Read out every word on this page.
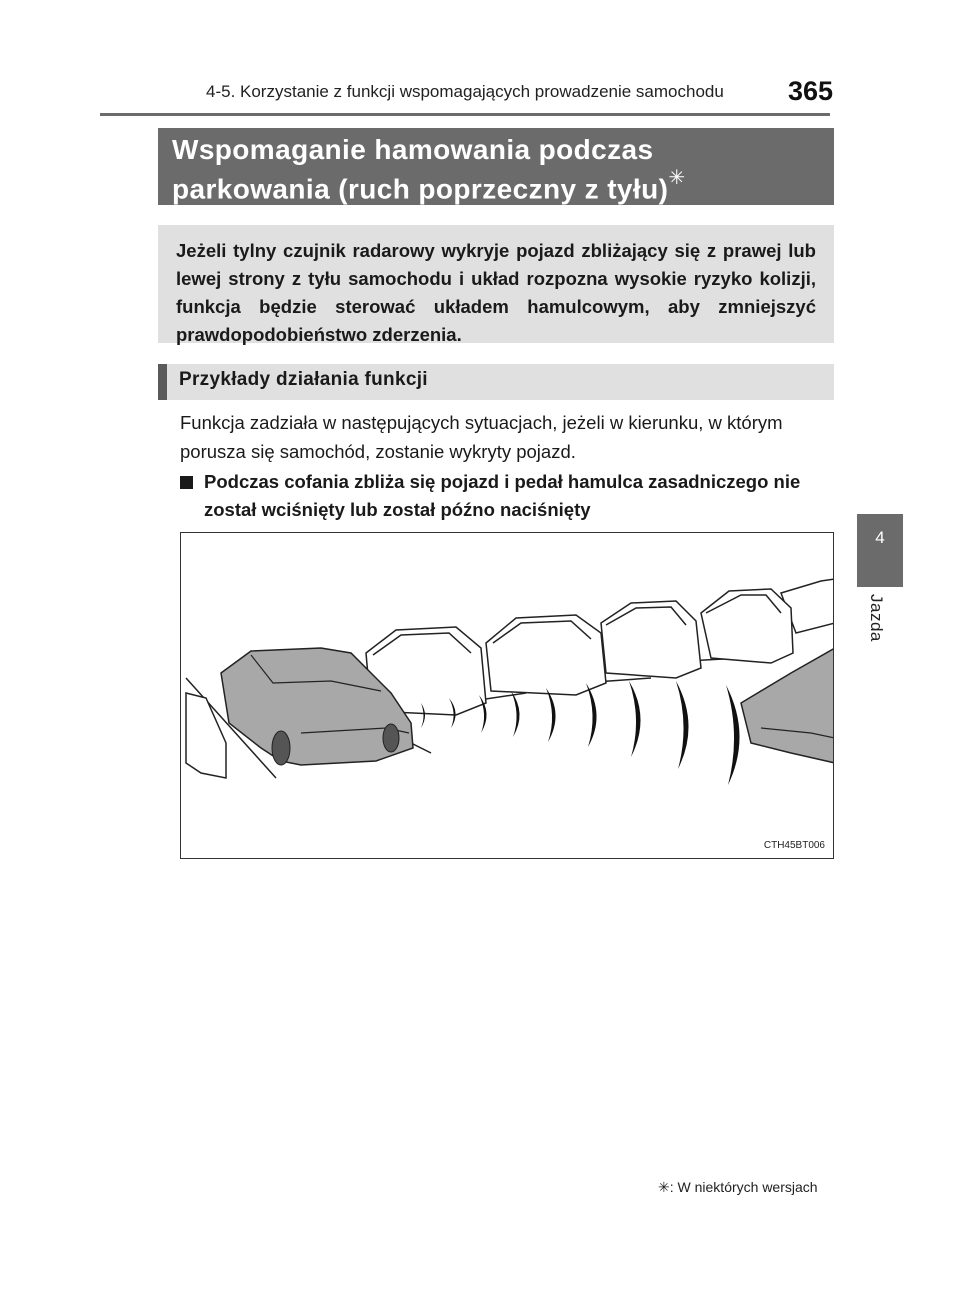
4-5. Korzystanie z funkcji wspomagających prowadzenie samochodu 365
4
Jazda
Wspomaganie hamowania podczas
parkowania (ruch poprzeczny z tyłu)✳
Jeżeli tylny czujnik radarowy wykryje pojazd zbliżający się z prawej lub lewej strony z tyłu samochodu i układ rozpozna wysokie ryzyko kolizji, funkcja będzie sterować układem hamulcowym, aby zmniejszyć prawdopodobieństwo zderzenia.
Przykłady działania funkcji
Funkcja zadziała w następujących sytuacjach, jeżeli w kierunku, w którym porusza się samochód, zostanie wykryty pojazd.
Podczas cofania zbliża się pojazd i pedał hamulca zasadniczego nie został wciśnięty lub został późno naciśnięty
CTH45BT006
✳: W niektórych wersjach
